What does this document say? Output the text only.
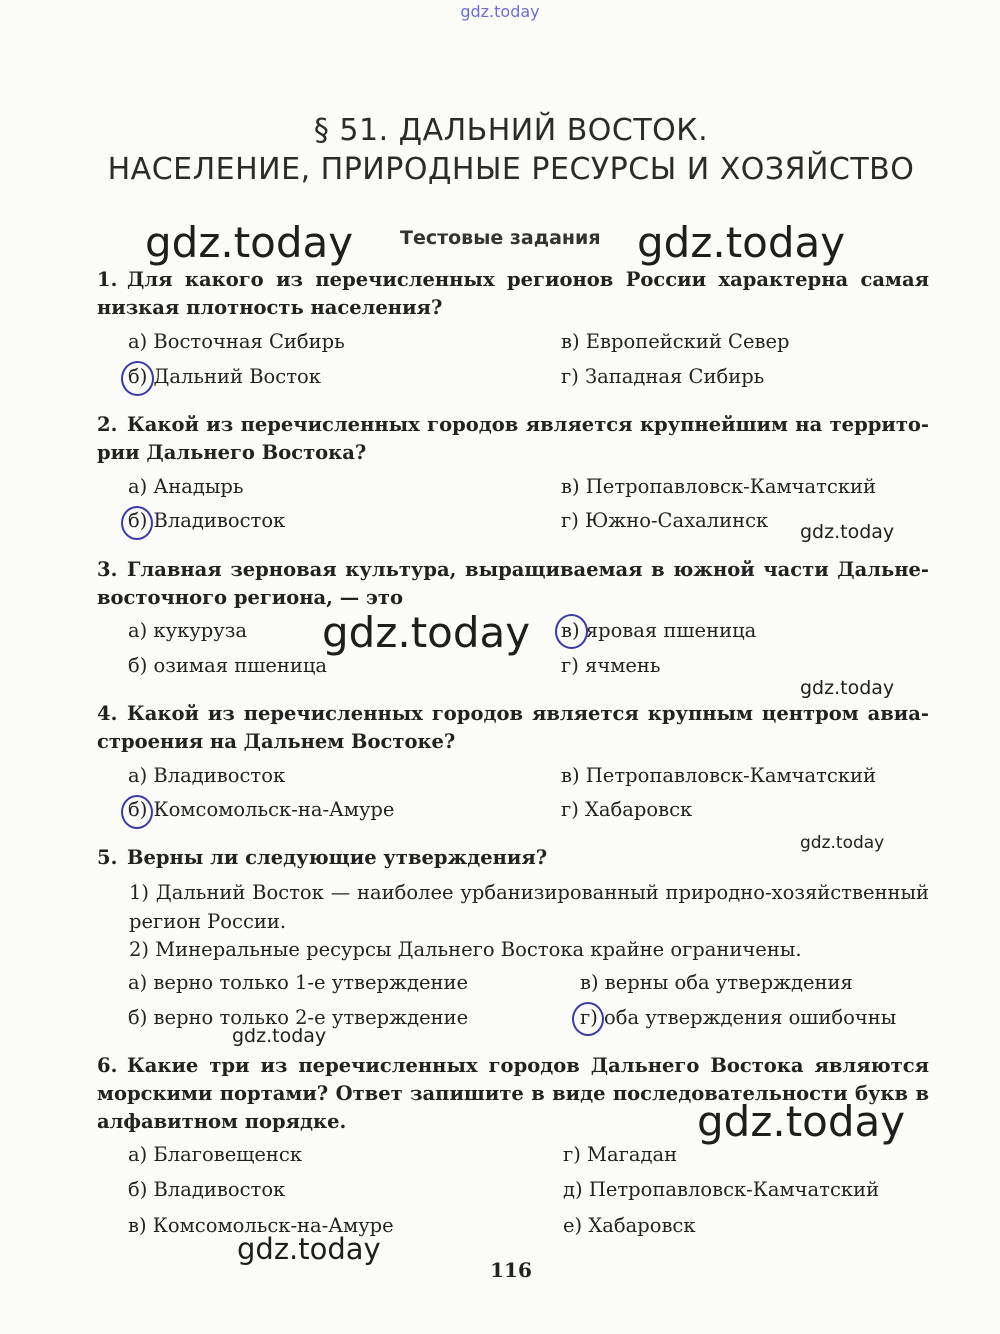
gdz.today
§ 51. ДАЛЬНИЙ ВОСТОК.
НАСЕЛЕНИЕ, ПРИРОДНЫЕ РЕСУРСЫ И ХОЗЯЙСТВО
Тестовые задания
1. Для какого из перечисленных регионов России характерна самая низкая плотность населения?
а) Восточная Сибирь
б) Дальний Восток
в) Европейский Север
г) Западная Сибирь
2. Какой из перечисленных городов является крупнейшим на территории Дальнего Востока?
а) Анадырь
б) Владивосток
в) Петропавловск-Камчатский
г) Южно-Сахалинск
3. Главная зерновая культура, выращиваемая в южной части Дальневосточного региона, — это
а) кукуруза
б) озимая пшеница
в) яровая пшеница
г) ячмень
4. Какой из перечисленных городов является крупным центром авиастроения на Дальнем Востоке?
а) Владивосток
б) Комсомольск-на-Амуре
в) Петропавловск-Камчатский
г) Хабаровск
5. Верны ли следующие утверждения?
1) Дальний Восток — наиболее урбанизированный природно-хозяйственный регион России.
2) Минеральные ресурсы Дальнего Востока крайне ограничены.
а) верно только 1-е утверждение
б) верно только 2-е утверждение
в) верны оба утверждения
г) оба утверждения ошибочны
6. Какие три из перечисленных городов Дальнего Востока являются морскими портами? Ответ запишите в виде последовательности букв в алфавитном порядке.
а) Благовещенск
б) Владивосток
в) Комсомольск-на-Амуре
г) Магадан
д) Петропавловск-Камчатский
е) Хабаровск
116
gdz.today	gdz.today
gdz.today
gdz.today
gdz.today
gdz.today
gdz.today
gdz.today
gdz.today
